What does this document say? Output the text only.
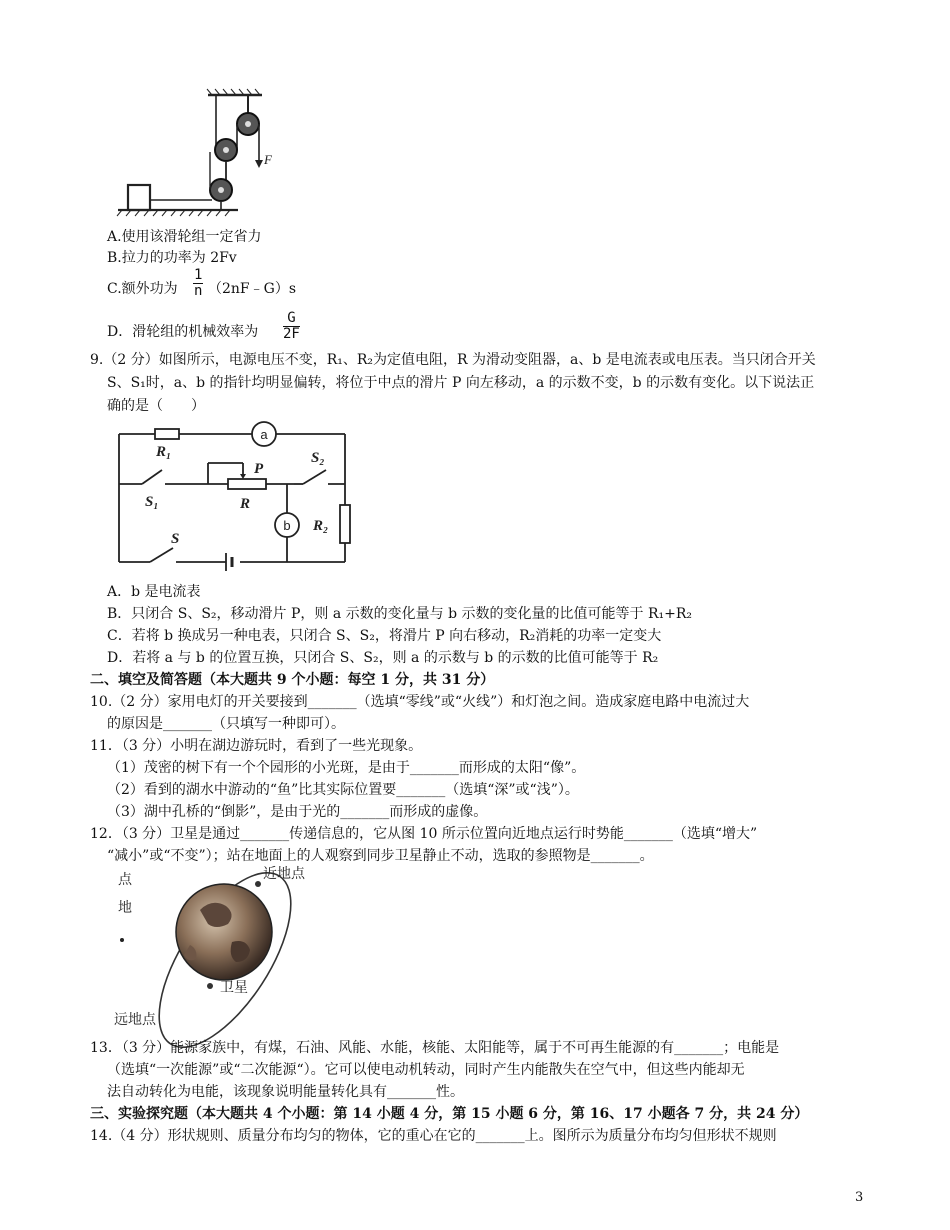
F
A.使用该滑轮组一定省力
B.拉力的功率为 2Fv
C.额外功为 $\frac{1}{n}$ （2nF﹣G）s
D．滑轮组的机械效率为 $\frac{G}{2F}$
9.（2 分）如图所示，电源电压不变，R₁、R₂为定值电阻，R 为滑动变阻器，a、b 是电流表或电压表。当只闭合开关
S、S₁时，a、b 的指针均明显偏转，将位于中点的滑片 P 向左移动，a 的示数不变，b 的示数有变化。以下说法正
确的是（　　）
R₁
S₁
P
R
S₂
R₂
S
a
b
A．b 是电流表
B．只闭合 S、S₂，移动滑片 P，则 a 示数的变化量与 b 示数的变化量的比值可能等于 R₁+R₂
C．若将 b 换成另一种电表，只闭合 S、S₂，将滑片 P 向右移动，R₂消耗的功率一定变大
D．若将 a 与 b 的位置互换，只闭合 S、S₂，则 a 的示数与 b 的示数的比值可能等于 R₂
二、填空及简答题（本大题共 9 个小题：每空 1 分，共 31 分）
10.（2 分）家用电灯的开关要接到_______（选填“零线”或“火线”）和灯泡之间。造成家庭电路中电流过大
的原因是_______（只填写一种即可）。
11．（3 分）小明在湖边游玩时，看到了一些光现象。
（1）茂密的树下有一个个园形的小光斑，是由于_______而形成的太阳“像”。
（2）看到的湖水中游动的“鱼”比其实际位置要_______（选填“深”或“浅”）。
（3）湖中孔桥的“倒影”，是由于光的_______而形成的虚像。
12．（3 分）卫星是通过_______传递信息的，它从图 10 所示位置向近地点运行时势能_______（选填“增大”
“减小”或“不变”）；站在地面上的人观察到同步卫星静止不动，选取的参照物是_______。
近地点
卫星
远地点
点
地
13．（3 分）能源家族中，有煤，石油、风能、水能，核能、太阳能等，属于不可再生能源的有_______；电能是
（选填“一次能源”或“二次能源“）。它可以使电动机转动，同时产生内能散失在空气中，但这些内能却无
法自动转化为电能，该现象说明能量转化具有_______性。
三、实验探究题（本大题共 4 个小题：第 14 小题 4 分，第 15 小题 6 分，第 16、17 小题各 7 分，共 24 分）
14.（4 分）形状规则、质量分布均匀的物体，它的重心在它的_______上。图所示为质量分布均匀但形状不规则
3
